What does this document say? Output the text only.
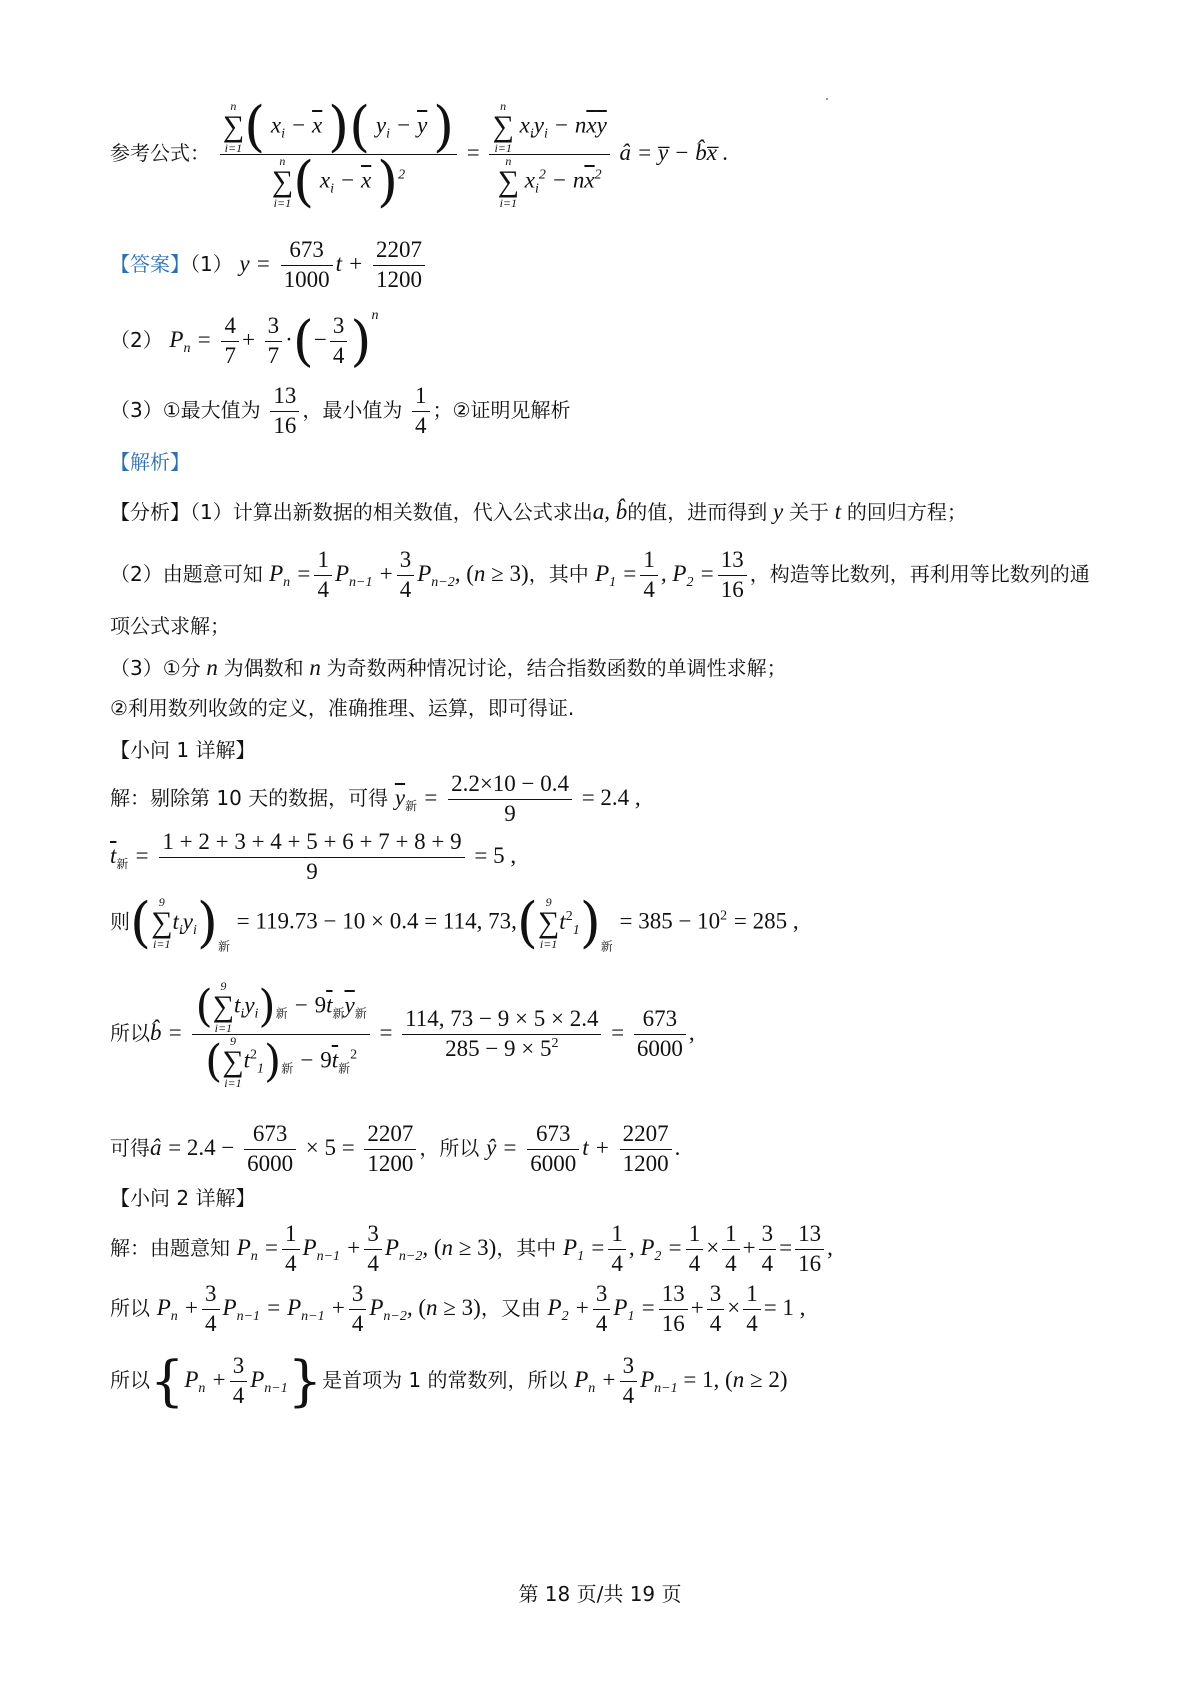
参考公式： n
∑
i=1 ( $x_i - \overline{x}$ )( $y_i - \overline{y}$ )
n
∑
i=1 ( $x_i - \overline{x}$ )$^2$ = n
∑
i=1
$x_iy_i - n\overline{x}\overline{y}$
n
∑
i=1
$x_i^2 - n\overline{x}^2$ â = y̅ − b̂x̅ .
【答案】（1） $y = \frac{673}{1000}$ $t + \frac{2207}{1200}$
（2） $P_n = \frac{4}{7} + \frac{3}{7}$ ·(− $\frac{3}{4} )^n$
（3）①最大值为 $\frac{13}{16}$ ，最小值为 $\frac{1}{4}$ ；②证明见解析
【解析】
【分析】（1）计算出新数据的相关数值，代入公式求出a, b̂的值，进而得到 y 关于 t 的回归方程；
（2）由题意可知 $P_n = \frac{1}{4} P_{n-1} + \frac{3}{4} P_{n-2}$, (n ≥ 3)，其中 $P_1 = \frac{1}{4}$ , $P_2 = \frac{13}{16}$ ，构造等比数列，再利用等比数列的通
项公式求解；
（3）①分 n 为偶数和 n 为奇数两种情况讨论，结合指数函数的单调性求解；
②利用数列收敛的定义，准确推理、运算，即可得证.
【小问 1 详解】
解：剔除第 10 天的数据，可得 $\overline{y}_新 = \frac{2.2\times 10 - 0.4}{9} = 2.4$ ,
$\overline{t}_新 = \frac{1 + 2 + 3 + 4 + 5 + 6 + 7 + 8 + 9}{9} = 5$ ,
则( 9
∑
i=1
$t_iy_i)_新 = 119.73 - 10 \times 0.4 = 114$, 73,( 9
∑
i=1
$t^2_1)_新 = 385 - 10^2 = 285$ ,
所以b̂ = ( 9
∑
i=1
$t_iy_i)_新 - 9\overline{t}_新\overline{y}_新$
( 9
∑
i=1
$t^2_1)_新 - 9\overline{t}_新^2 = \frac{114, 73 - 9 \times 5 \times 2.4}{285 - 9 \times 5^2} = \frac{673}{6000}$ ,
可得â = $2.4 - \frac{673}{6000} \times 5 = \frac{2207}{1200}$ ，所以 ŷ = $\frac{673}{6000}$ $t + \frac{2207}{1200}$ .
【小问 2 详解】
解：由题意知 $P_n = \frac{1}{4} P_{n-1} + \frac{3}{4} P_{n-2}$, (n ≥ 3)，其中 $P_1 = \frac{1}{4}$ , $P_2 = \frac{1}{4} \times \frac{1}{4} + \frac{3}{4} = \frac{13}{16}$ ,
所以 $P_n + \frac{3}{4} P_{n-1} = P_{n-1} + \frac{3}{4} P_{n-2}$, (n ≥ 3)，又由 $P_2 + \frac{3}{4} P_1 = \frac{13}{16} + \frac{3}{4} \times \frac{1}{4} = 1$ ,
所以$\{P_n + \frac{3}{4} P_{n-1}\}$是首项为 1 的常数列，所以 $P_n + \frac{3}{4} P_{n-1} = 1$, (n ≥ 2)
第 18 页/共 19 页
